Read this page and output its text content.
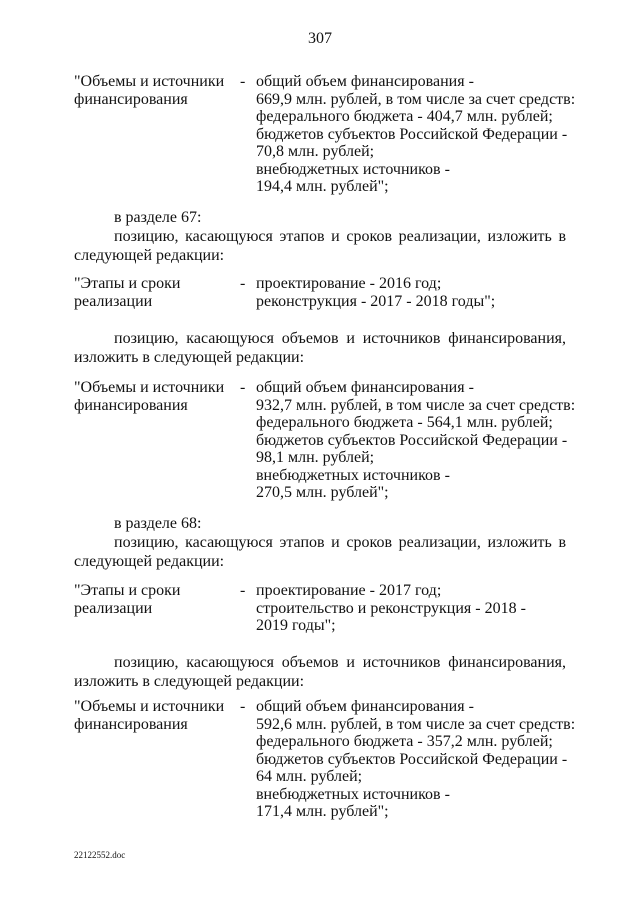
307
"Объемы и источники
финансирования
- общий объем финансирования -
669,9 млн. рублей, в том числе за счет средств:
федерального бюджета - 404,7 млн. рублей;
бюджетов субъектов Российской Федерации -
70,8 млн. рублей;
внебюджетных источников -
194,4 млн. рублей";
в разделе 67:
позицию, касающуюся этапов и сроков реализации, изложить в
следующей редакции:
"Этапы и сроки
реализации
- проектирование - 2016 год;
реконструкция - 2017 - 2018 годы";
позицию, касающуюся объемов и источников финансирования,
изложить в следующей редакции:
"Объемы и источники
финансирования
- общий объем финансирования -
932,7 млн. рублей, в том числе за счет средств:
федерального бюджета - 564,1 млн. рублей;
бюджетов субъектов Российской Федерации -
98,1 млн. рублей;
внебюджетных источников -
270,5 млн. рублей";
в разделе 68:
позицию, касающуюся этапов и сроков реализации, изложить в
следующей редакции:
"Этапы и сроки
реализации
- проектирование - 2017 год;
строительство и реконструкция - 2018 -
2019 годы";
позицию, касающуюся объемов и источников финансирования,
изложить в следующей редакции:
"Объемы и источники
финансирования
- общий объем финансирования -
592,6 млн. рублей, в том числе за счет средств:
федерального бюджета - 357,2 млн. рублей;
бюджетов субъектов Российской Федерации -
64 млн. рублей;
внебюджетных источников -
171,4 млн. рублей";
22122552.doc
